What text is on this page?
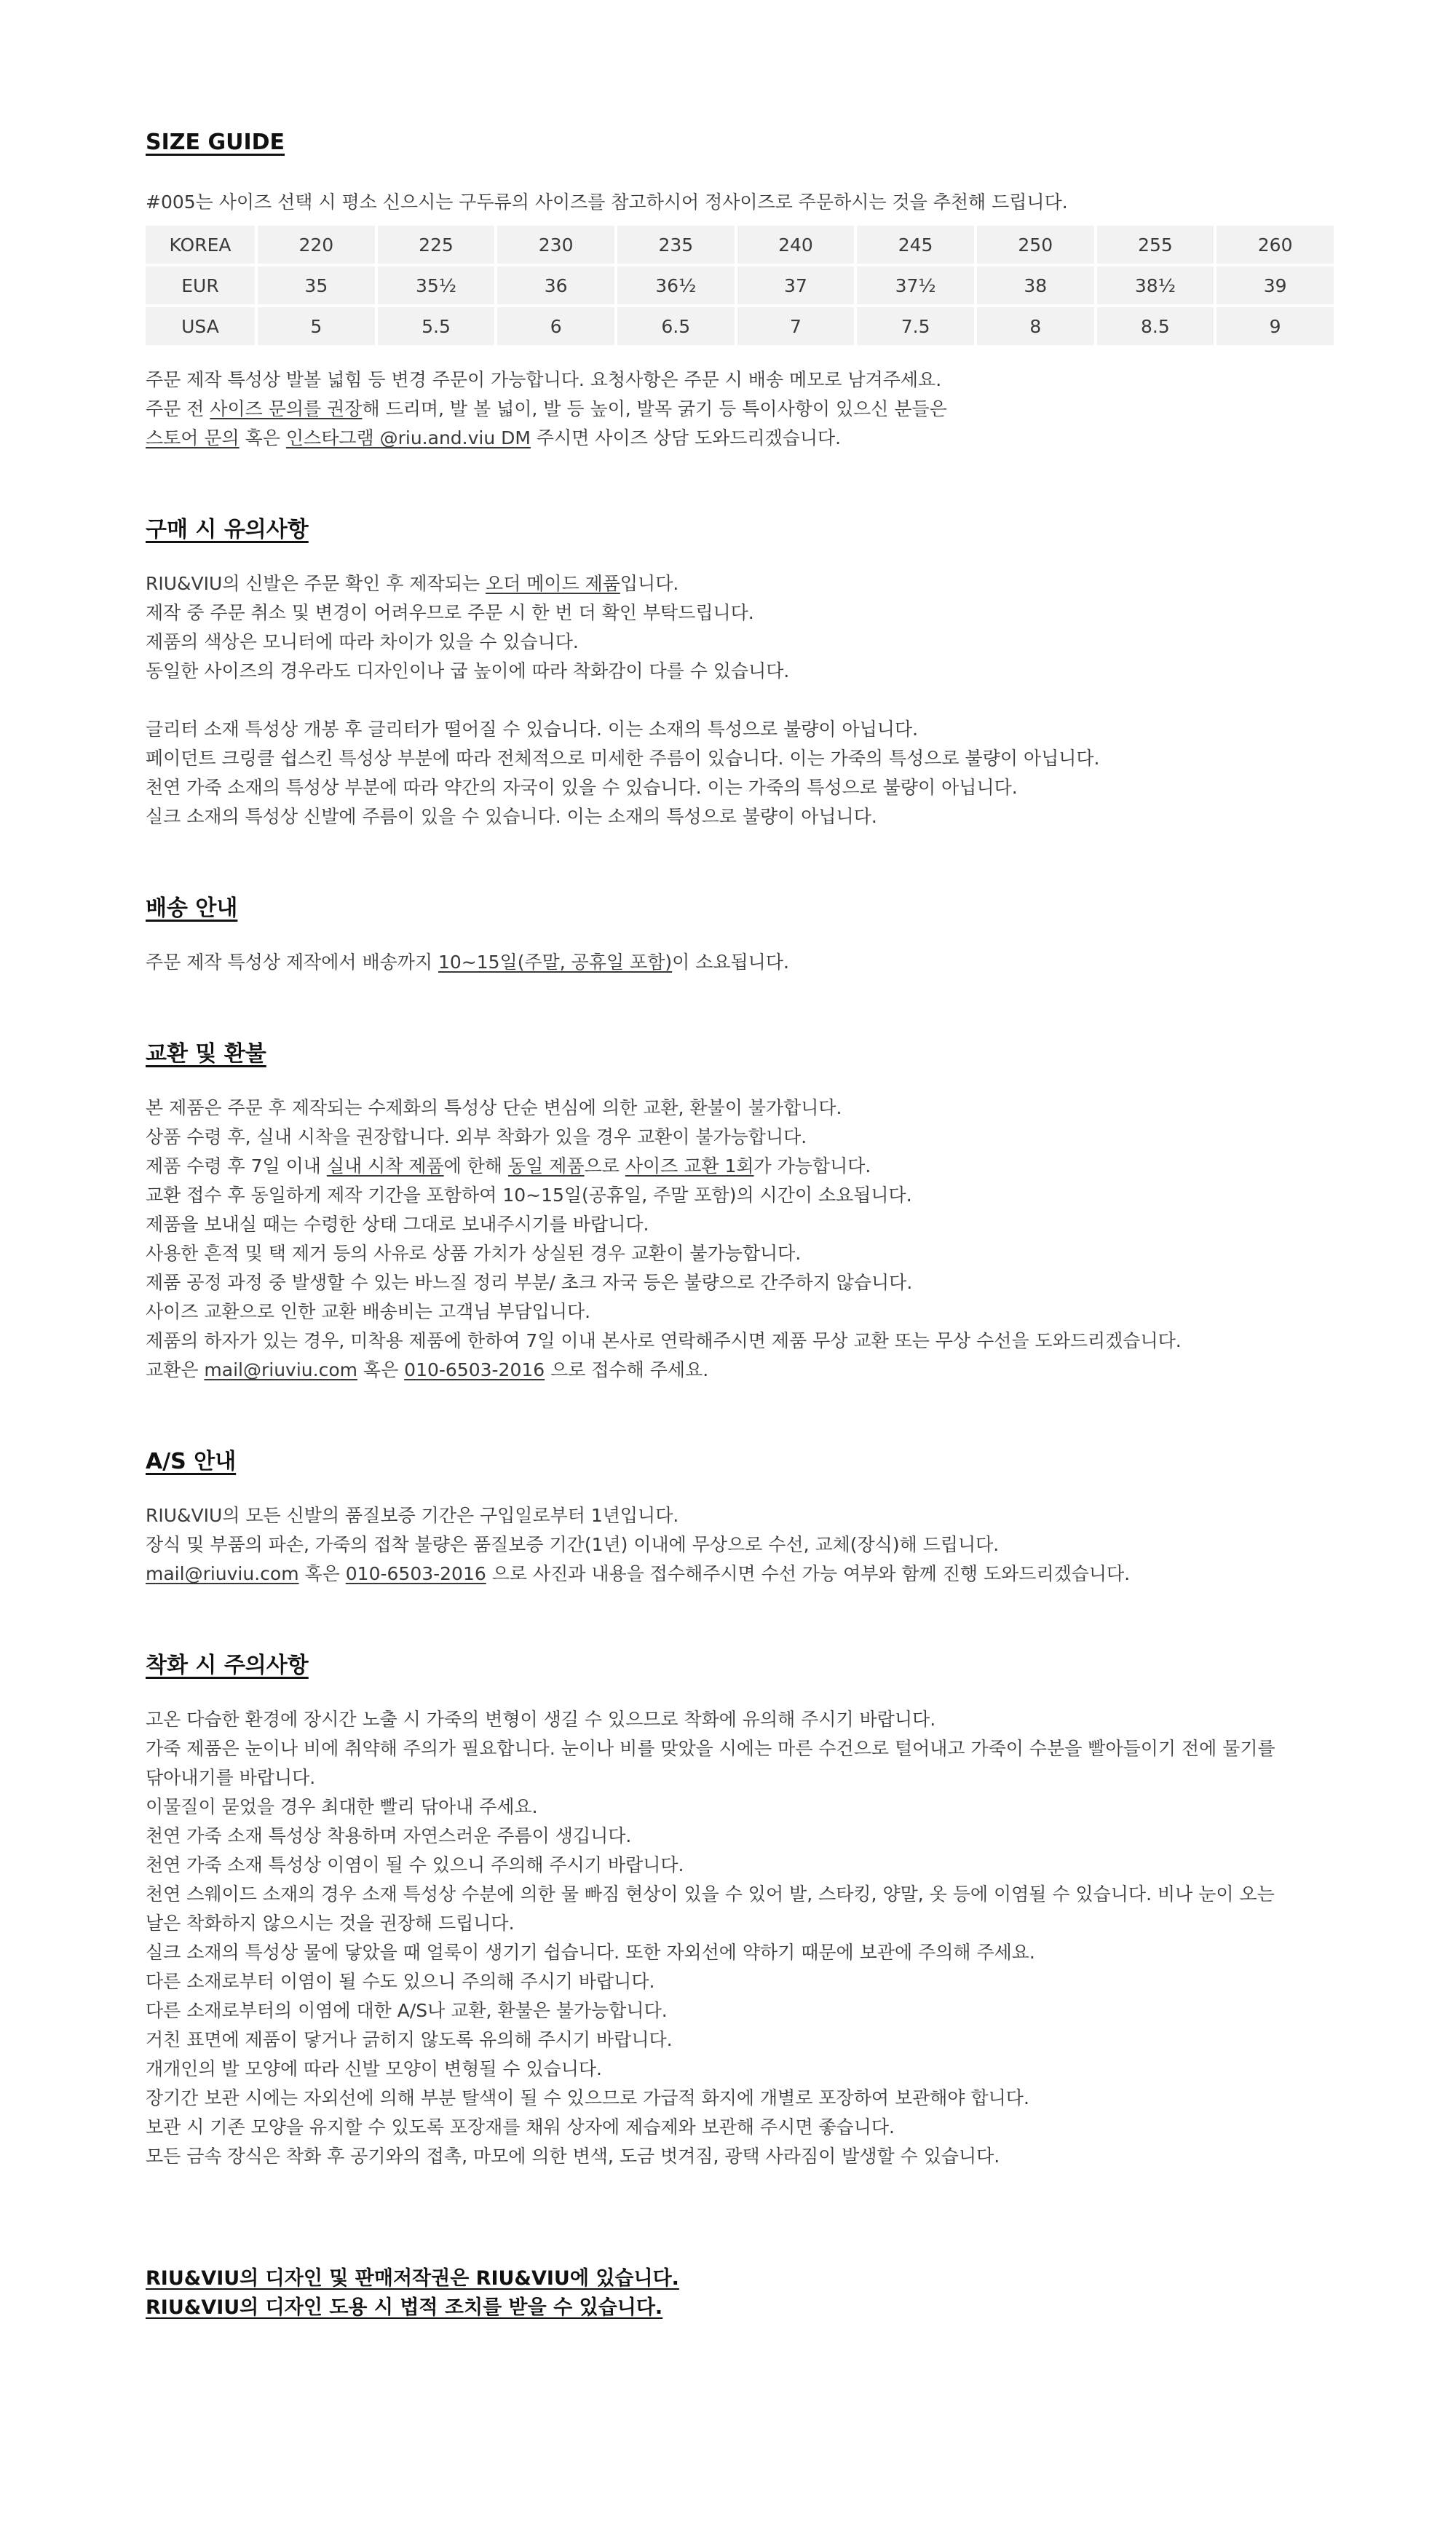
SIZE GUIDE
#005는 사이즈 선택 시 평소 신으시는 구두류의 사이즈를 참고하시어 정사이즈로 주문하시는 것을 추천해 드립니다.
KOREA	220	225	230	235	240	245	250	255	260
EUR	35	35½	36	36½	37	37½	38	38½	39
USA	5	5.5	6	6.5	7	7.5	8	8.5	9
주문 제작 특성상 발볼 넓힘 등 변경 주문이 가능합니다. 요청사항은 주문 시 배송 메모로 남겨주세요.
주문 전 사이즈 문의를 권장해 드리며, 발 볼 넓이, 발 등 높이, 발목 굵기 등 특이사항이 있으신 분들은
스토어 문의 혹은 인스타그램 @riu.and.viu DM 주시면 사이즈 상담 도와드리겠습니다.
구매 시 유의사항
RIU&VIU의 신발은 주문 확인 후 제작되는 오더 메이드 제품입니다.
제작 중 주문 취소 및 변경이 어려우므로 주문 시 한 번 더 확인 부탁드립니다.
제품의 색상은 모니터에 따라 차이가 있을 수 있습니다.
동일한 사이즈의 경우라도 디자인이나 굽 높이에 따라 착화감이 다를 수 있습니다.
글리터 소재 특성상 개봉 후 글리터가 떨어질 수 있습니다. 이는 소재의 특성으로 불량이 아닙니다.
페이던트 크링클 쉽스킨 특성상 부분에 따라 전체적으로 미세한 주름이 있습니다. 이는 가죽의 특성으로 불량이 아닙니다.
천연 가죽 소재의 특성상 부분에 따라 약간의 자국이 있을 수 있습니다. 이는 가죽의 특성으로 불량이 아닙니다.
실크 소재의 특성상 신발에 주름이 있을 수 있습니다. 이는 소재의 특성으로 불량이 아닙니다.
배송 안내
주문 제작 특성상 제작에서 배송까지 10~15일(주말, 공휴일 포함)이 소요됩니다.
교환 및 환불
본 제품은 주문 후 제작되는 수제화의 특성상 단순 변심에 의한 교환, 환불이 불가합니다.
상품 수령 후, 실내 시착을 권장합니다. 외부 착화가 있을 경우 교환이 불가능합니다.
제품 수령 후 7일 이내 실내 시착 제품에 한해 동일 제품으로 사이즈 교환 1회가 가능합니다.
교환 접수 후 동일하게 제작 기간을 포함하여 10~15일(공휴일, 주말 포함)의 시간이 소요됩니다.
제품을 보내실 때는 수령한 상태 그대로 보내주시기를 바랍니다.
사용한 흔적 및 택 제거 등의 사유로 상품 가치가 상실된 경우 교환이 불가능합니다.
제품 공정 과정 중 발생할 수 있는 바느질 정리 부분/ 초크 자국 등은 불량으로 간주하지 않습니다.
사이즈 교환으로 인한 교환 배송비는 고객님 부담입니다.
제품의 하자가 있는 경우, 미착용 제품에 한하여 7일 이내 본사로 연락해주시면 제품 무상 교환 또는 무상 수선을 도와드리겠습니다.
교환은 mail@riuviu.com 혹은 010-6503-2016 으로 접수해 주세요.
A/S 안내
RIU&VIU의 모든 신발의 품질보증 기간은 구입일로부터 1년입니다.
장식 및 부품의 파손, 가죽의 접착 불량은 품질보증 기간(1년) 이내에 무상으로 수선, 교체(장식)해 드립니다.
mail@riuviu.com 혹은 010-6503-2016 으로 사진과 내용을 접수해주시면 수선 가능 여부와 함께 진행 도와드리겠습니다.
착화 시 주의사항
고온 다습한 환경에 장시간 노출 시 가죽의 변형이 생길 수 있으므로 착화에 유의해 주시기 바랍니다.
가죽 제품은 눈이나 비에 취약해 주의가 필요합니다. 눈이나 비를 맞았을 시에는 마른 수건으로 털어내고 가죽이 수분을 빨아들이기 전에 물기를
닦아내기를 바랍니다.
이물질이 묻었을 경우 최대한 빨리 닦아내 주세요.
천연 가죽 소재 특성상 착용하며 자연스러운 주름이 생깁니다.
천연 가죽 소재 특성상 이염이 될 수 있으니 주의해 주시기 바랍니다.
천연 스웨이드 소재의 경우 소재 특성상 수분에 의한 물 빠짐 현상이 있을 수 있어 발, 스타킹, 양말, 옷 등에 이염될 수 있습니다. 비나 눈이 오는
날은 착화하지 않으시는 것을 권장해 드립니다.
실크 소재의 특성상 물에 닿았을 때 얼룩이 생기기 쉽습니다. 또한 자외선에 약하기 때문에 보관에 주의해 주세요.
다른 소재로부터 이염이 될 수도 있으니 주의해 주시기 바랍니다.
다른 소재로부터의 이염에 대한 A/S나 교환, 환불은 불가능합니다.
거친 표면에 제품이 닿거나 긁히지 않도록 유의해 주시기 바랍니다.
개개인의 발 모양에 따라 신발 모양이 변형될 수 있습니다.
장기간 보관 시에는 자외선에 의해 부분 탈색이 될 수 있으므로 가급적 화지에 개별로 포장하여 보관해야 합니다.
보관 시 기존 모양을 유지할 수 있도록 포장재를 채워 상자에 제습제와 보관해 주시면 좋습니다.
모든 금속 장식은 착화 후 공기와의 접촉, 마모에 의한 변색, 도금 벗겨짐, 광택 사라짐이 발생할 수 있습니다.
RIU&VIU의 디자인 및 판매저작권은 RIU&VIU에 있습니다.
RIU&VIU의 디자인 도용 시 법적 조치를 받을 수 있습니다.
